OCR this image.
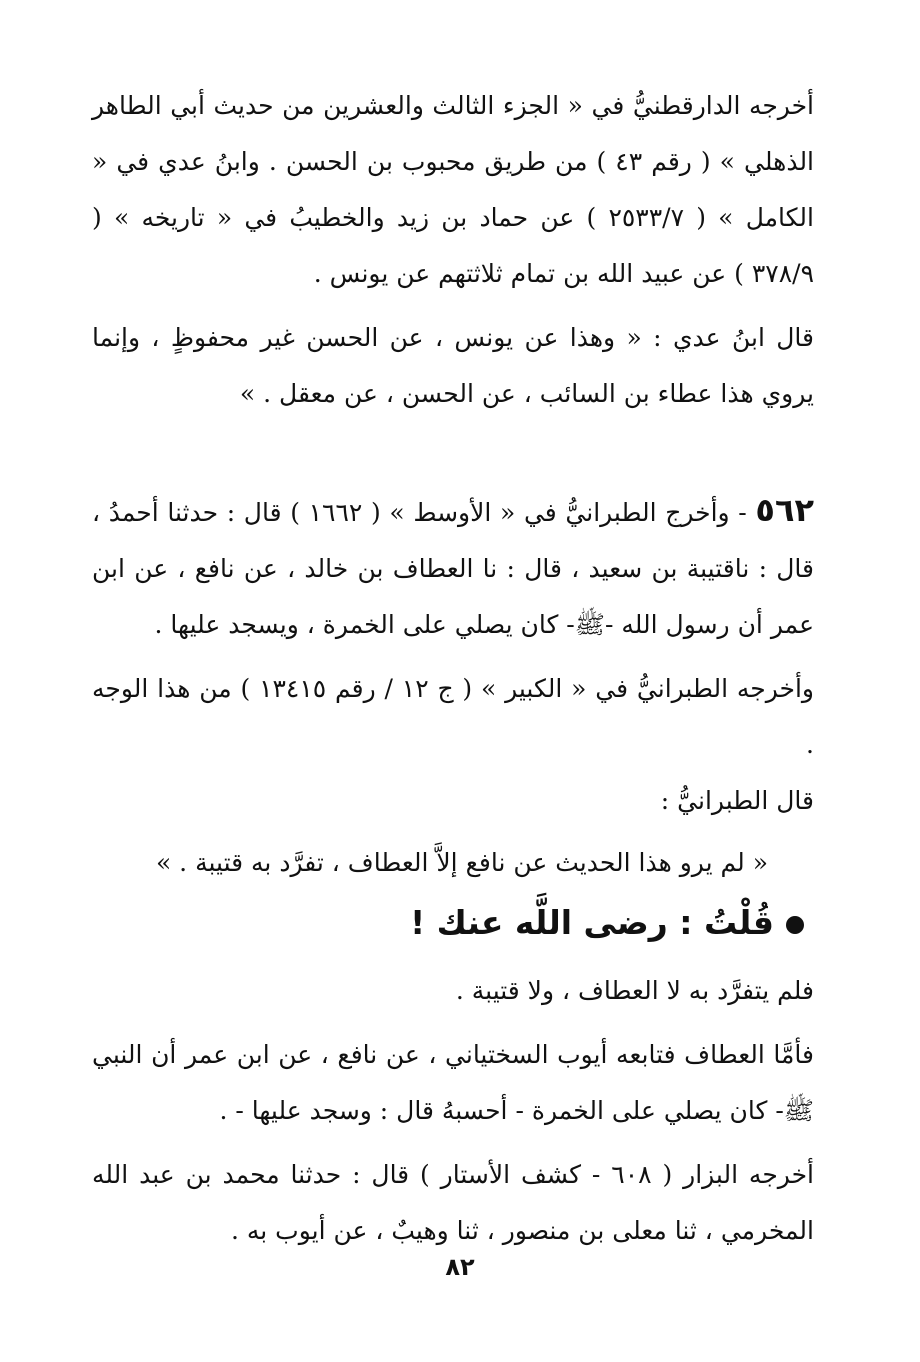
أخرجه الدارقطنيُّ في « الجزء الثالث والعشرين من حديث أبي الطاهر الذهلي » ( رقم ٤٣ ) من طريق محبوب بن الحسن . وابنُ عدي في « الكامل » ( ٢٥٣٣/٧ ) عن حماد بن زيد والخطيبُ في « تاريخه » ( ٣٧٨/٩ ) عن عبيد الله بن تمام ثلاثتهم عن يونس .

قال ابنُ عدي : « وهذا عن يونس ، عن الحسن غير محفوظٍ ، وإنما يروي هذا عطاء بن السائب ، عن الحسن ، عن معقل . »

٥٦٢ - وأخرج الطبرانيُّ في « الأوسط » ( ١٦٦٢ ) قال : حدثنا أحمدُ ، قال : ناقتيبة بن سعيد ، قال : نا العطاف بن خالد ، عن نافع ، عن ابن عمر أن رسول الله -ﷺ- كان يصلي على الخمرة ، ويسجد عليها .

وأخرجه الطبرانيُّ في « الكبير » ( ج ١٢ / رقم ١٣٤١٥ ) من هذا الوجه .

قال الطبرانيُّ :

« لم يرو هذا الحديث عن نافع إلاَّ العطاف ، تفرَّد به قتيبة . »

قُلْتُ : رضى اللَّه عنك !

فلم يتفرَّد به لا العطاف ، ولا قتيبة .

فأمَّا العطاف فتابعه أيوب السختياني ، عن نافع ، عن ابن عمر أن النبي ﷺ- كان يصلي على الخمرة - أحسبهُ قال : وسجد عليها - .

أخرجه البزار ( ٦٠٨ - كشف الأستار ) قال : حدثنا محمد بن عبد الله المخرمي ، ثنا معلى بن منصور ، ثنا وهيبٌ ، عن أيوب به .

٨٢
